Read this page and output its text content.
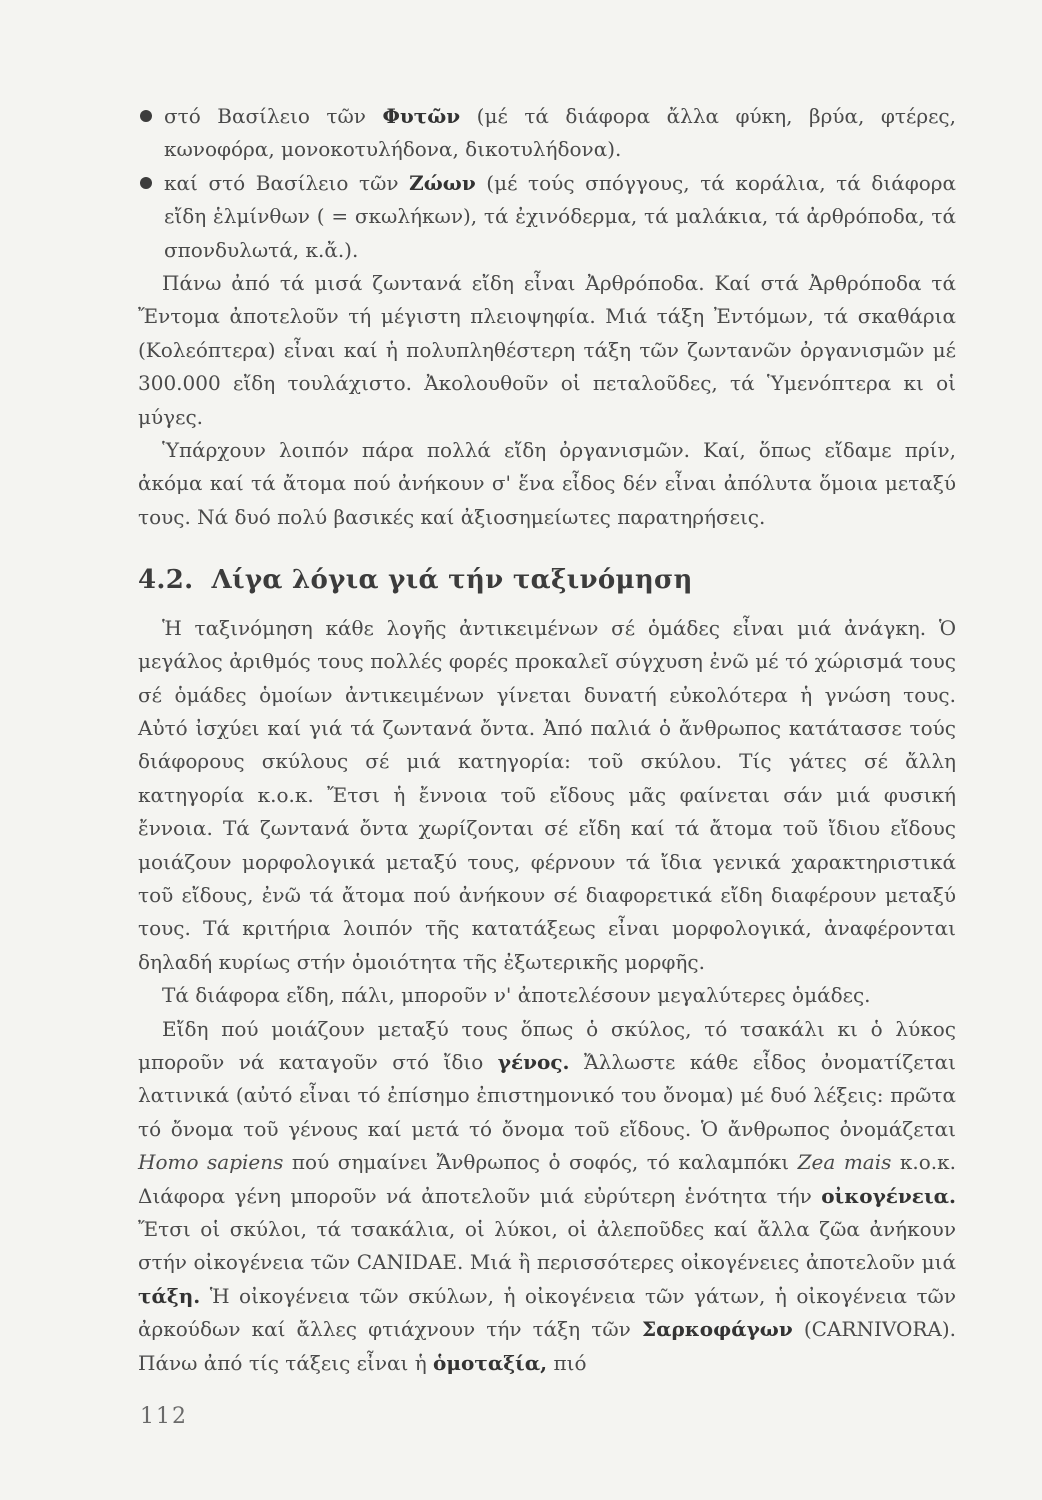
στό Βασίλειο τῶν Φυτῶν (μέ τά διάφορα ἄλλα φύκη, βρύα, φτέρες, κωνοφόρα, μονοκοτυλήδονα, δικοτυλήδονα).

καί στό Βασίλειο τῶν Ζώων (μέ τούς σπόγγους, τά κοράλια, τά διάφορα εἴδη ἑλμίνθων ( = σκωλήκων), τά ἐχινόδερμα, τά μαλάκια, τά ἀρθρόποδα, τά σπονδυλωτά, κ.ἄ.).

Πάνω ἀπό τά μισά ζωντανά εἴδη εἶναι Ἀρθρόποδα. Καί στά Ἀρθρόποδα τά Ἔντομα ἀποτελοῦν τή μέγιστη πλειοψηφία. Μιά τάξη Ἐντόμων, τά σκαθάρια (Κολεόπτερα) εἶναι καί ἡ πολυπληθέστερη τάξη τῶν ζωντανῶν ὀργανισμῶν μέ 300.000 εἴδη τουλάχιστο. Ἀκολουθοῦν οἱ πεταλοῦδες, τά Ὑμενόπτερα κι οἱ μύγες.

Ὑπάρχουν λοιπόν πάρα πολλά εἴδη ὀργανισμῶν. Καί, ὅπως εἴδαμε πρίν, ἀκόμα καί τά ἄτομα πού ἀνήκουν σ' ἕνα εἶδος δέν εἶναι ἀπόλυτα ὅμοια μεταξύ τους. Νά δυό πολύ βασικές καί ἀξιοσημείωτες παρατηρήσεις.

4.2. Λίγα λόγια γιά τήν ταξινόμηση

Ἡ ταξινόμηση κάθε λογῆς ἀντικειμένων σέ ὁμάδες εἶναι μιά ἀνάγκη. Ὁ μεγάλος ἀριθμός τους πολλές φορές προκαλεῖ σύγχυση ἐνῶ μέ τό χώρισμά τους σέ ὁμάδες ὁμοίων ἀντικειμένων γίνεται δυνατή εὐκολότερα ἡ γνώση τους. Αὐτό ἰσχύει καί γιά τά ζωντανά ὄντα. Ἀπό παλιά ὁ ἄνθρωπος κατάτασσε τούς διάφορους σκύλους σέ μιά κατηγορία: τοῦ σκύλου. Τίς γάτες σέ ἄλλη κατηγορία κ.ο.κ. Ἔτσι ἡ ἔννοια τοῦ εἴδους μᾶς φαίνεται σάν μιά φυσική ἔννοια. Τά ζωντανά ὄντα χωρίζονται σέ εἴδη καί τά ἄτομα τοῦ ἴδιου εἴδους μοιάζουν μορφολογικά μεταξύ τους, φέρνουν τά ἴδια γενικά χαρακτηριστικά τοῦ εἴδους, ἐνῶ τά ἄτομα πού ἀνήκουν σέ διαφορετικά εἴδη διαφέρουν μεταξύ τους. Τά κριτήρια λοιπόν τῆς κατατάξεως εἶναι μορφολογικά, ἀναφέρονται δηλαδή κυρίως στήν ὁμοιότητα τῆς ἐξωτερικῆς μορφῆς.

Τά διάφορα εἴδη, πάλι, μποροῦν ν' ἀποτελέσουν μεγαλύτερες ὁμάδες.

Εἴδη πού μοιάζουν μεταξύ τους ὅπως ὁ σκύλος, τό τσακάλι κι ὁ λύκος μποροῦν νά καταγοῦν στό ἴδιο γένος. Ἄλλωστε κάθε εἶδος ὀνοματίζεται λατινικά (αὐτό εἶναι τό ἐπίσημο ἐπιστημονικό του ὄνομα) μέ δυό λέξεις: πρῶτα τό ὄνομα τοῦ γένους καί μετά τό ὄνομα τοῦ εἴδους. Ὁ ἄνθρωπος ὀνομάζεται Homo sapiens πού σημαίνει Ἄνθρωπος ὁ σοφός, τό καλαμπόκι Zea mais κ.ο.κ. Διάφορα γένη μποροῦν νά ἀποτελοῦν μιά εὐρύτερη ἑνότητα τήν οἰκογένεια. Ἔτσι οἱ σκύλοι, τά τσακάλια, οἱ λύκοι, οἱ ἀλεποῦδες καί ἄλλα ζῶα ἀνήκουν στήν οἰκογένεια τῶν CANIDAE. Μιά ἢ περισσότερες οἰκογένειες ἀποτελοῦν μιά τάξη. Ἡ οἰκογένεια τῶν σκύλων, ἡ οἰκογένεια τῶν γάτων, ἡ οἰκογένεια τῶν ἀρκούδων καί ἄλλες φτιάχνουν τήν τάξη τῶν Σαρκοφάγων (CARNIVORA). Πάνω ἀπό τίς τάξεις εἶναι ἡ ὁμοταξία, πιό

112
